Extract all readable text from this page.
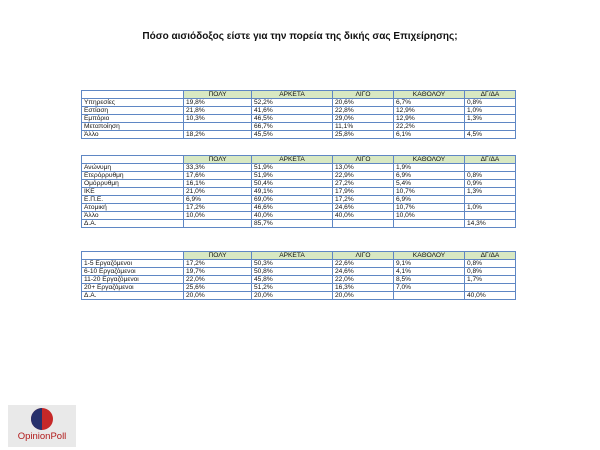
Πόσο αισιόδοξος είστε για την πορεία της δικής σας Επιχείρησης;
	ΠΟΛΥ	ΑΡΚΕΤΑ	ΛΙΓΟ	ΚΑΘΟΛΟΥ	ΔΓ/ΔΑ
Υπηρεσίες	19,8%	52,2%	20,6%	6,7%	0,8%
Εστίαση	21,8%	41,6%	22,8%	12,9%	1,0%
Εμπόριο	10,3%	46,5%	29,0%	12,9%	1,3%
Μεταποίηση		66,7%	11,1%	22,2%	
Άλλο	18,2%	45,5%	25,8%	6,1%	4,5%
	ΠΟΛΥ	ΑΡΚΕΤΑ	ΛΙΓΟ	ΚΑΘΟΛΟΥ	ΔΓ/ΔΑ
Ανώνυμη	33,3%	51,9%	13,0%	1,9%	
Ετερόρρυθμη	17,6%	51,9%	22,9%	6,9%	0,8%
Ομόρρυθμη	16,1%	50,4%	27,2%	5,4%	0,9%
ΙΚΕ	21,0%	49,1%	17,9%	10,7%	1,3%
Ε.Π.Ε.	6,9%	69,0%	17,2%	6,9%	
Ατομική	17,2%	46,6%	24,6%	10,7%	1,0%
Άλλο	10,0%	40,0%	40,0%	10,0%	
Δ.Α.		85,7%			14,3%
	ΠΟΛΥ	ΑΡΚΕΤΑ	ΛΙΓΟ	ΚΑΘΟΛΟΥ	ΔΓ/ΔΑ
1-5 Εργαζόμενοι	17,2%	50,3%	22,6%	9,1%	0,8%
6-10 Εργαζόμενοι	19,7%	50,8%	24,6%	4,1%	0,8%
11-20 Εργαζόμενοι	22,0%	45,8%	22,0%	8,5%	1,7%
20+ Εργαζόμενοι	25,6%	51,2%	16,3%	7,0%	
Δ.Α.	20,0%	20,0%	20,0%		40,0%
OpinionPoll
